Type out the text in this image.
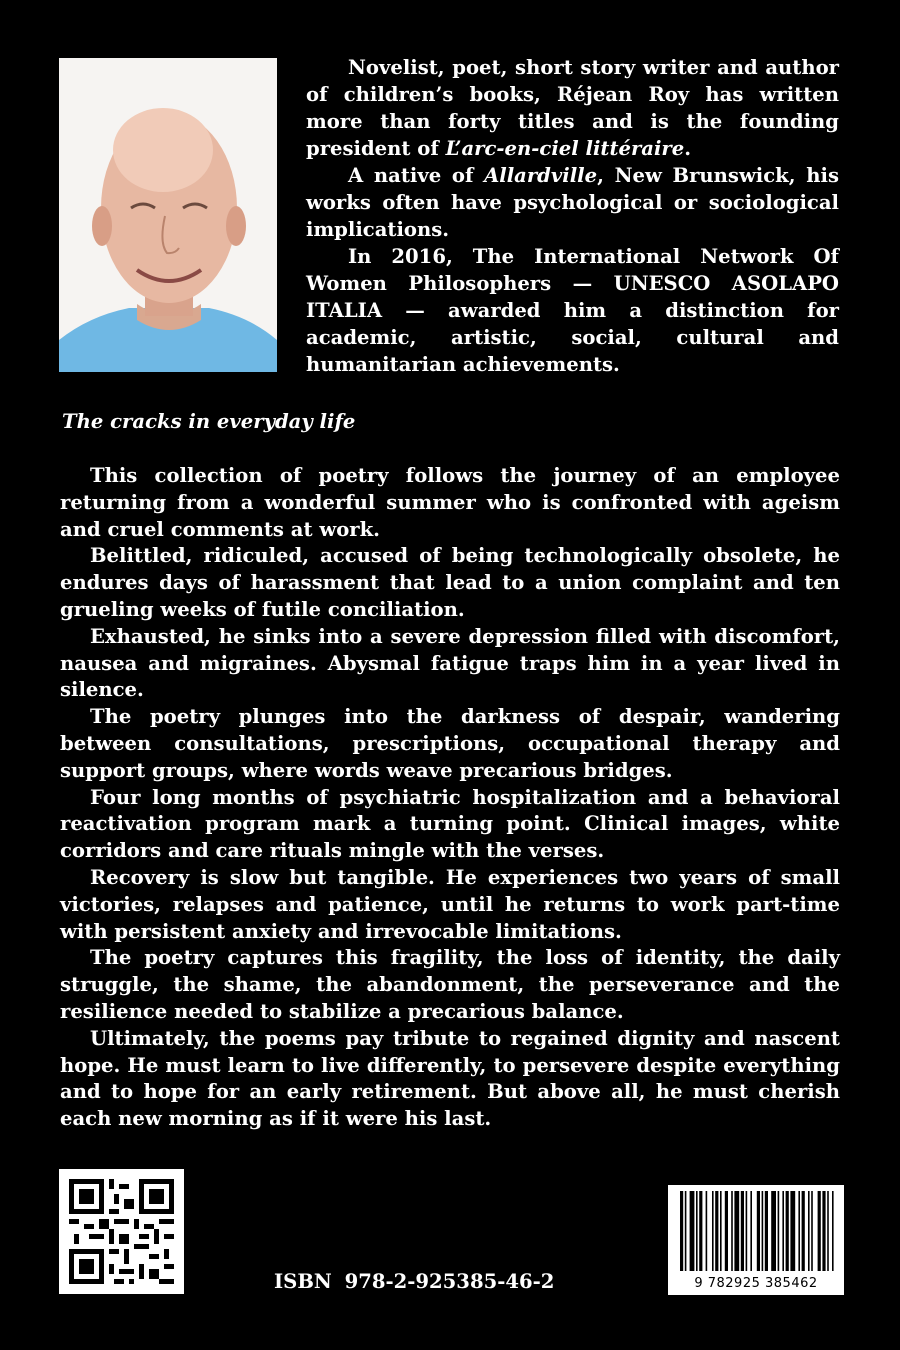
Novelist, poet, short story writer and author of children’s books, Réjean Roy has written more than forty titles and is the founding president of L’arc-en-ciel littéraire.

A native of Allardville, New Brunswick, his works often have psychological or sociological implications.

In 2016, The International Network Of Women Philosophers — UNESCO ASOLAPO ITALIA — awarded him a distinction for academic, artistic, social, cultural and humanitarian achievements.

The cracks in everyday life

This collection of poetry follows the journey of an employee returning from a wonderful summer who is confronted with ageism and cruel comments at work.

Belittled, ridiculed, accused of being technologically obsolete, he endures days of harassment that lead to a union complaint and ten grueling weeks of futile conciliation.

Exhausted, he sinks into a severe depression filled with discomfort, nausea and migraines. Abysmal fatigue traps him in a year lived in silence.

The poetry plunges into the darkness of despair, wandering between consultations, prescriptions, occupational therapy and support groups, where words weave precarious bridges.

Four long months of psychiatric hospitalization and a behavioral reactivation program mark a turning point. Clinical images, white corridors and care rituals mingle with the verses.

Recovery is slow but tangible. He experiences two years of small victories, relapses and patience, until he returns to work part-time with persistent anxiety and irrevocable limitations.

The poetry captures this fragility, the loss of identity, the daily struggle, the shame, the abandonment, the perseverance and the resilience needed to stabilize a precarious balance.

Ultimately, the poems pay tribute to regained dignity and nascent hope. He must learn to live differently, to persevere despite everything and to hope for an early retirement. But above all, he must cherish each new morning as if it were his last.

ISBN 978-2-925385-46-2	9 782925 385462
